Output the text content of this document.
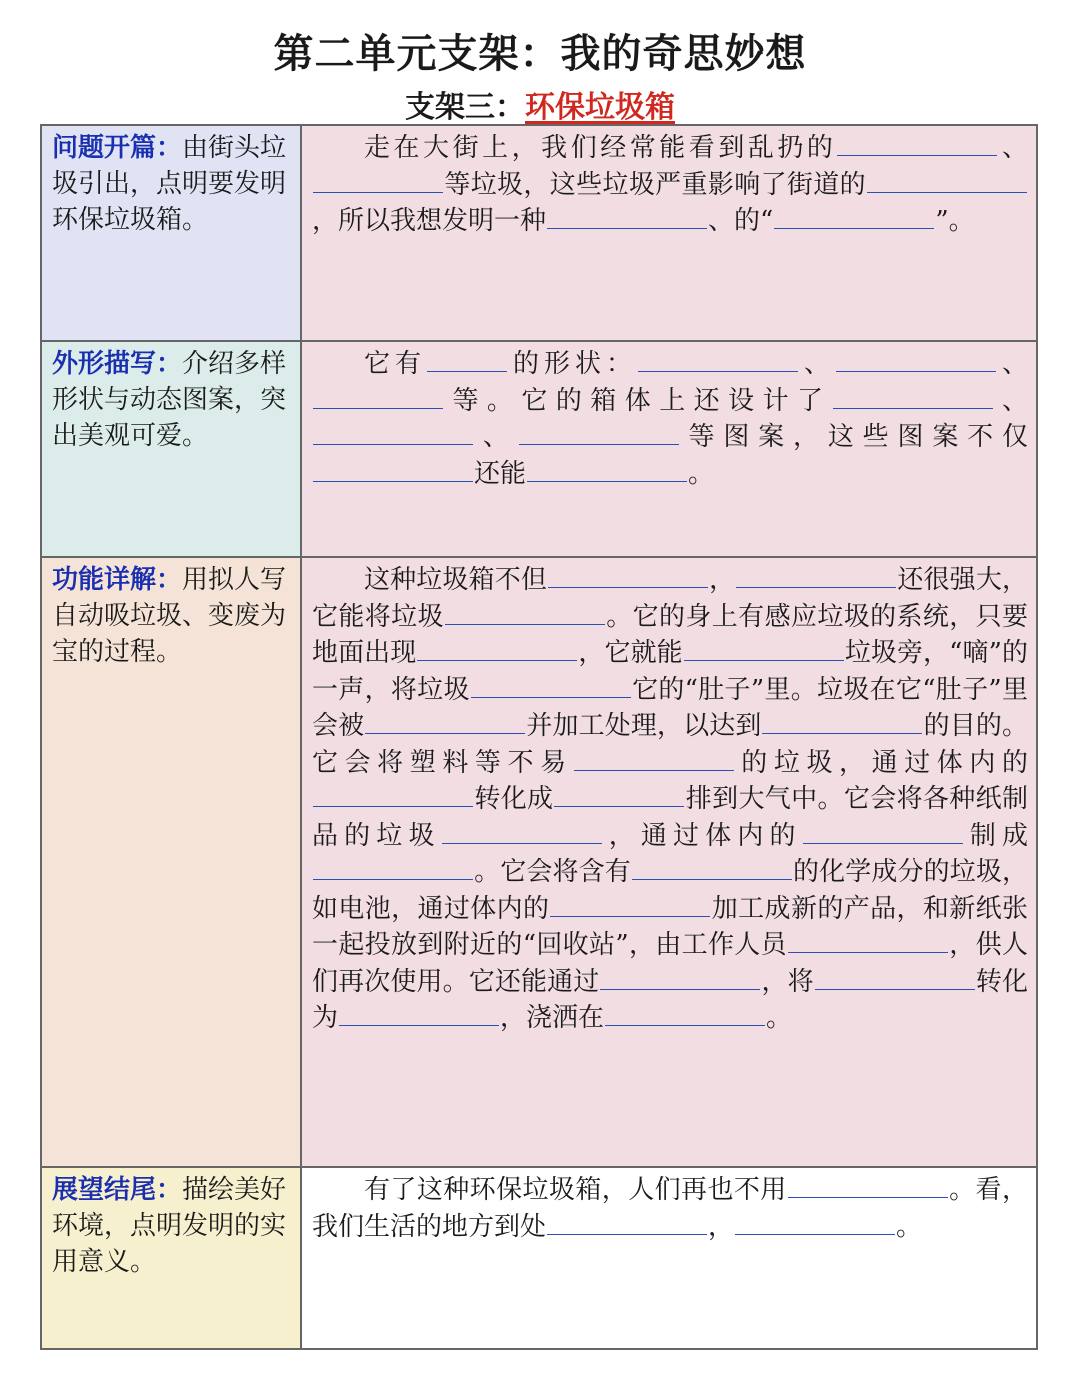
第二单元支架：我的奇思妙想
支架三：环保垃圾箱
问题开篇：由街头垃圾引出，点明要发明环保垃圾箱。	走在大街上，我们经常能看到乱扔的 、等垃圾，这些垃圾严重影响了街道的，所以我想发明一种 、的“ ”。

外形描写：介绍多样形状与动态图案，突出美观可爱。	它有 的形状： 、 、等。它的箱体上还设计了 、、 等图案，这些图案不仅还能 。

功能详解：用拟人写自动吸垃圾、变废为宝的过程。	这种垃圾箱不但 ， 还很强大，它能将垃圾 。它的身上有感应垃圾的系统，只要地面出现 ，它就能 垃圾旁，“嘀”的一声，将垃圾 它的“肚子”里。垃圾在它“肚子”里会被 并加工处理，以达到 的目的。它会将塑料等不易 的垃圾，通过体内的转化成 排到大气中。它会将各种纸制品的垃圾 ，通过体内的 制成。它会将含有 的化学成分的垃圾，如电池，通过体内的 加工成新的产品，和新纸张一起投放到附近的“回收站”，由工作人员 ，供人们再次使用。它还能通过 ，将 转化为 ，浇洒在 。

展望结尾：描绘美好环境，点明发明的实用意义。	有了这种环保垃圾箱，人们再也不用 。看，我们生活的地方到处 ， 。
